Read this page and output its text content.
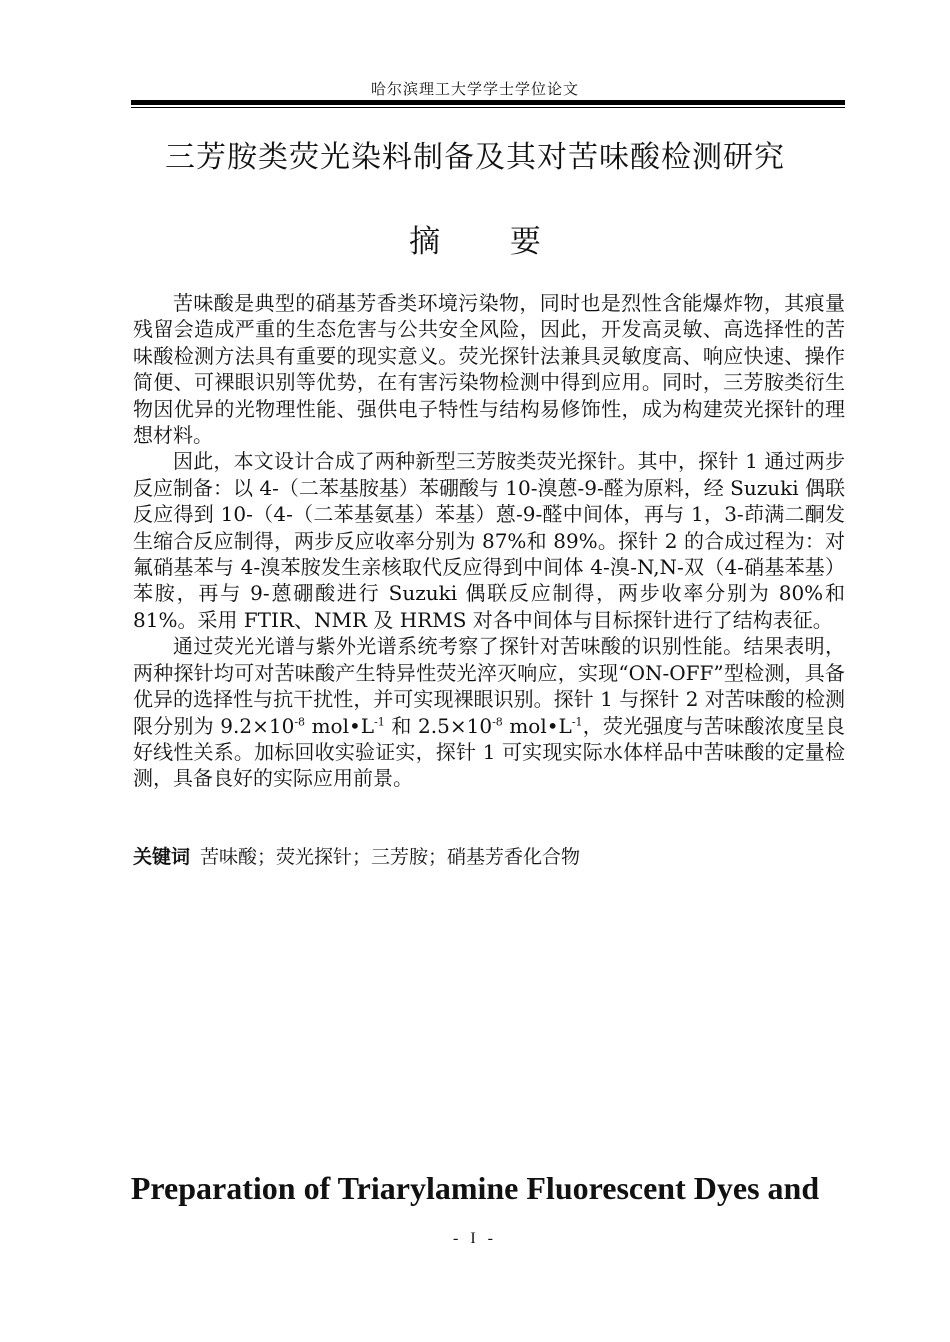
哈尔滨理工大学学士学位论文
三芳胺类荧光染料制备及其对苦味酸检测研究
摘 要

苦味酸是典型的硝基芳香类环境污染物，同时也是烈性含能爆炸物，其痕量残留会造成严重的生态危害与公共安全风险，因此，开发高灵敏、高选择性的苦味酸检测方法具有重要的现实意义。荧光探针法兼具灵敏度高、响应快速、操作简便、可裸眼识别等优势，在有害污染物检测中得到应用。同时，三芳胺类衍生物因优异的光物理性能、强供电子特性与结构易修饰性，成为构建荧光探针的理想材料。

因此，本文设计合成了两种新型三芳胺类荧光探针。其中，探针 1 通过两步反应制备：以 4-（二苯基胺基）苯硼酸与 10-溴蒽-9-醛为原料，经 Suzuki 偶联反应得到 10-（4-（二苯基氨基）苯基）蒽-9-醛中间体，再与 1，3-茚满二酮发生缩合反应制得，两步反应收率分别为 87%和 89%。探针 2 的合成过程为：对氟硝基苯与 4-溴苯胺发生亲核取代反应得到中间体 4-溴-N,N-双（4-硝基苯基）苯胺，再与 9-蒽硼酸进行 Suzuki 偶联反应制得，两步收率分别为 80%和 81%。采用 FTIR、NMR 及 HRMS 对各中间体与目标探针进行了结构表征。

通过荧光光谱与紫外光谱系统考察了探针对苦味酸的识别性能。结果表明，两种探针均可对苦味酸产生特异性荧光淬灭响应，实现“ON-OFF”型检测，具备优异的选择性与抗干扰性，并可实现裸眼识别。探针 1 与探针 2 对苦味酸的检测限分别为 $9.2\times 10^{-8}$ $mol•L^{-1}$ 和 $2.5\times 10^{-8}$ $mol•L^{-1}$，荧光强度与苦味酸浓度呈良好线性关系。加标回收实验证实，探针 1 可实现实际水体样品中苦味酸的定量检测，具备良好的实际应用前景。

关键词 苦味酸；荧光探针；三芳胺；硝基芳香化合物
Preparation of Triarylamine Fluorescent Dyes and
- I -
